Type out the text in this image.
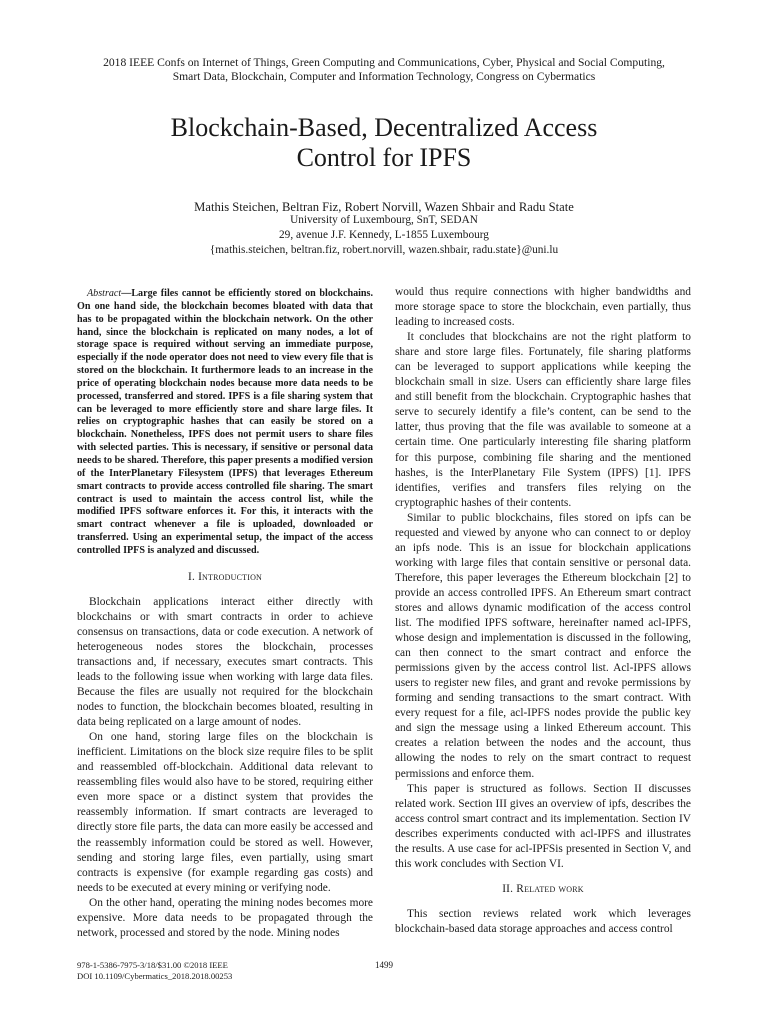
2018 IEEE Confs on Internet of Things, Green Computing and Communications, Cyber, Physical and Social Computing,
Smart Data, Blockchain, Computer and Information Technology, Congress on Cybermatics
Blockchain-Based, Decentralized Access
Control for IPFS
Mathis Steichen, Beltran Fiz, Robert Norvill, Wazen Shbair and Radu State
University of Luxembourg, SnT, SEDAN
29, avenue J.F. Kennedy, L-1855 Luxembourg
{mathis.steichen, beltran.fiz, robert.norvill, wazen.shbair, radu.state}@uni.lu
Abstract—Large files cannot be efficiently stored on blockchains. On one hand side, the blockchain becomes bloated with data that has to be propagated within the blockchain network. On the other hand, since the blockchain is replicated on many nodes, a lot of storage space is required without serving an immediate purpose, especially if the node operator does not need to view every file that is stored on the blockchain. It furthermore leads to an increase in the price of operating blockchain nodes because more data needs to be processed, transferred and stored. IPFS is a file sharing system that can be leveraged to more efficiently store and share large files. It relies on cryptographic hashes that can easily be stored on a blockchain. Nonetheless, IPFS does not permit users to share files with selected parties. This is necessary, if sensitive or personal data needs to be shared. Therefore, this paper presents a modified version of the InterPlanetary Filesystem (IPFS) that leverages Ethereum smart contracts to provide access controlled file sharing. The smart contract is used to maintain the access control list, while the modified IPFS software enforces it. For this, it interacts with the smart contract whenever a file is uploaded, downloaded or transferred. Using an experimental setup, the impact of the access controlled IPFS is analyzed and discussed.
I. Introduction

Blockchain applications interact either directly with blockchains or with smart contracts in order to achieve consensus on transactions, data or code execution. A network of heterogeneous nodes stores the blockchain, processes transactions and, if necessary, executes smart contracts. This leads to the following issue when working with large data files. Because the files are usually not required for the blockchain nodes to function, the blockchain becomes bloated, resulting in data being replicated on a large amount of nodes.

On one hand, storing large files on the blockchain is inefficient. Limitations on the block size require files to be split and reassembled off-blockchain. Additional data relevant to reassembling files would also have to be stored, requiring either even more space or a distinct system that provides the reassembly information. If smart contracts are leveraged to directly store file parts, the data can more easily be accessed and the reassembly information could be stored as well. However, sending and storing large files, even partially, using smart contracts is expensive (for example regarding gas costs) and needs to be executed at every mining or verifying node.

On the other hand, operating the mining nodes becomes more expensive. More data needs to be propagated through the network, processed and stored by the node. Mining nodes

would thus require connections with higher bandwidths and more storage space to store the blockchain, even partially, thus leading to increased costs.

It concludes that blockchains are not the right platform to share and store large files. Fortunately, file sharing platforms can be leveraged to support applications while keeping the blockchain small in size. Users can efficiently share large files and still benefit from the blockchain. Cryptographic hashes that serve to securely identify a file’s content, can be send to the latter, thus proving that the file was available to someone at a certain time. One particularly interesting file sharing platform for this purpose, combining file sharing and the mentioned hashes, is the InterPlanetary File System (IPFS) [1]. IPFS identifies, verifies and transfers files relying on the cryptographic hashes of their contents.

Similar to public blockchains, files stored on ipfs can be requested and viewed by anyone who can connect to or deploy an ipfs node. This is an issue for blockchain applications working with large files that contain sensitive or personal data. Therefore, this paper leverages the Ethereum blockchain [2] to provide an access controlled IPFS. An Ethereum smart contract stores and allows dynamic modification of the access control list. The modified IPFS software, hereinafter named acl-IPFS, whose design and implementation is discussed in the following, can then connect to the smart contract and enforce the permissions given by the access control list. Acl-IPFS allows users to register new files, and grant and revoke permissions by forming and sending transactions to the smart contract. With every request for a file, acl-IPFS nodes provide the public key and sign the message using a linked Ethereum account. This creates a relation between the nodes and the account, thus allowing the nodes to rely on the smart contract to request permissions and enforce them.

This paper is structured as follows. Section II discusses related work. Section III gives an overview of ipfs, describes the access control smart contract and its implementation. Section IV describes experiments conducted with acl-IPFS and illustrates the results. A use case for acl-IPFSis presented in Section V, and this work concludes with Section VI.

II. Related work

This section reviews related work which leverages blockchain-based data storage approaches and access control

978-1-5386-7975-3/18/$31.00 ©2018 IEEE
DOI 10.1109/Cybermatics_2018.2018.00253
1499
